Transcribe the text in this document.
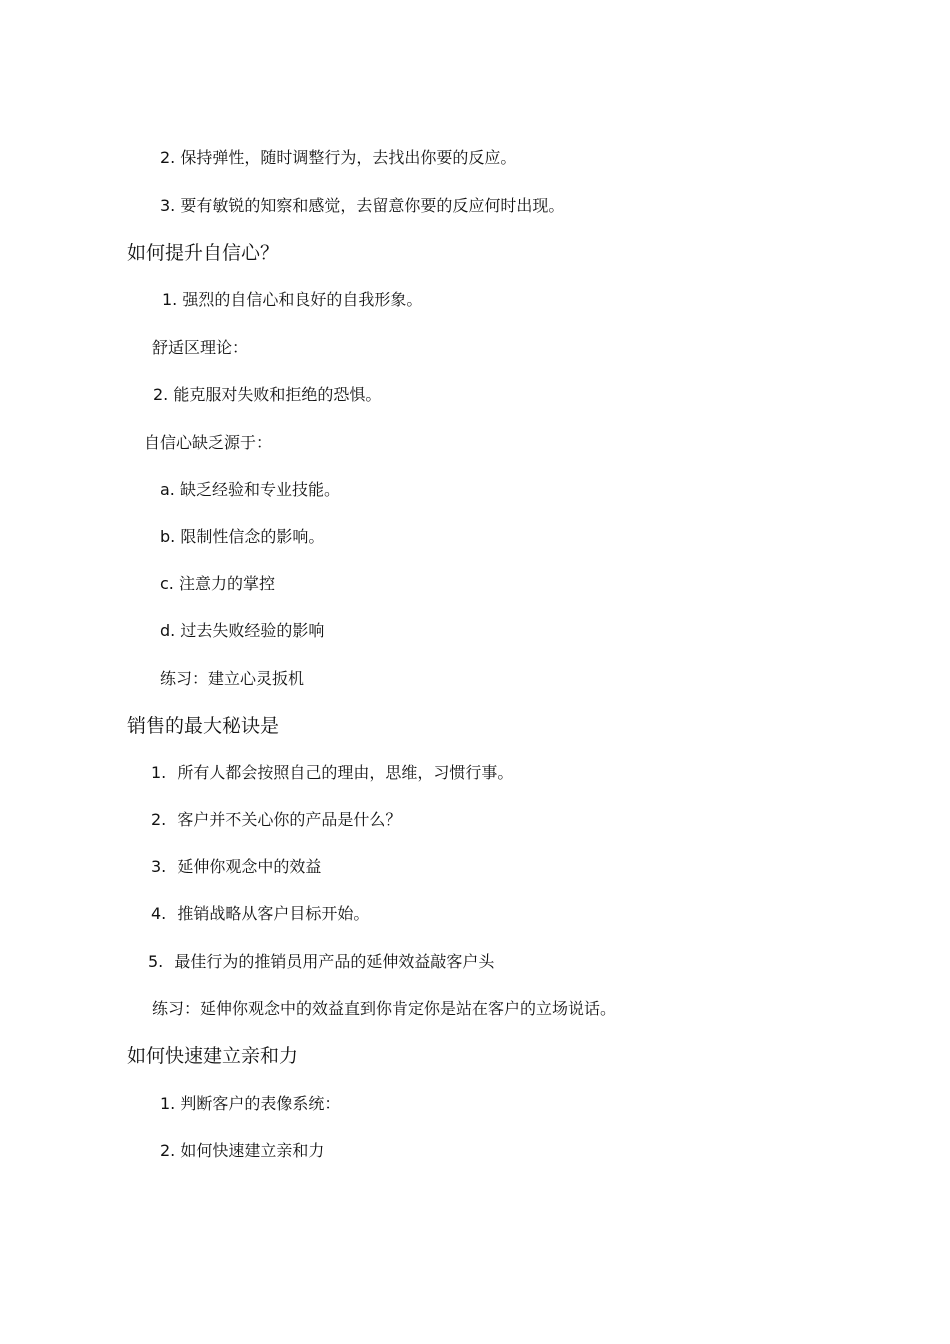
2. 保持弹性，随时调整行为，去找出你要的反应。
3. 要有敏锐的知察和感觉，去留意你要的反应何时出现。
如何提升自信心？
1. 强烈的自信心和良好的自我形象。
舒适区理论：
2. 能克服对失败和拒绝的恐惧。
自信心缺乏源于：
a. 缺乏经验和专业技能。
b. 限制性信念的影响。
c. 注意力的掌控
d. 过去失败经验的影响
练习：建立心灵扳机
销售的最大秘诀是
1. 所有人都会按照自己的理由，思维，习惯行事。
2. 客户并不关心你的产品是什么？
3. 延伸你观念中的效益
4. 推销战略从客户目标开始。
5. 最佳行为的推销员用产品的延伸效益敲客户头
练习：延伸你观念中的效益直到你肯定你是站在客户的立场说话。
如何快速建立亲和力
1. 判断客户的表像系统：
2. 如何快速建立亲和力
